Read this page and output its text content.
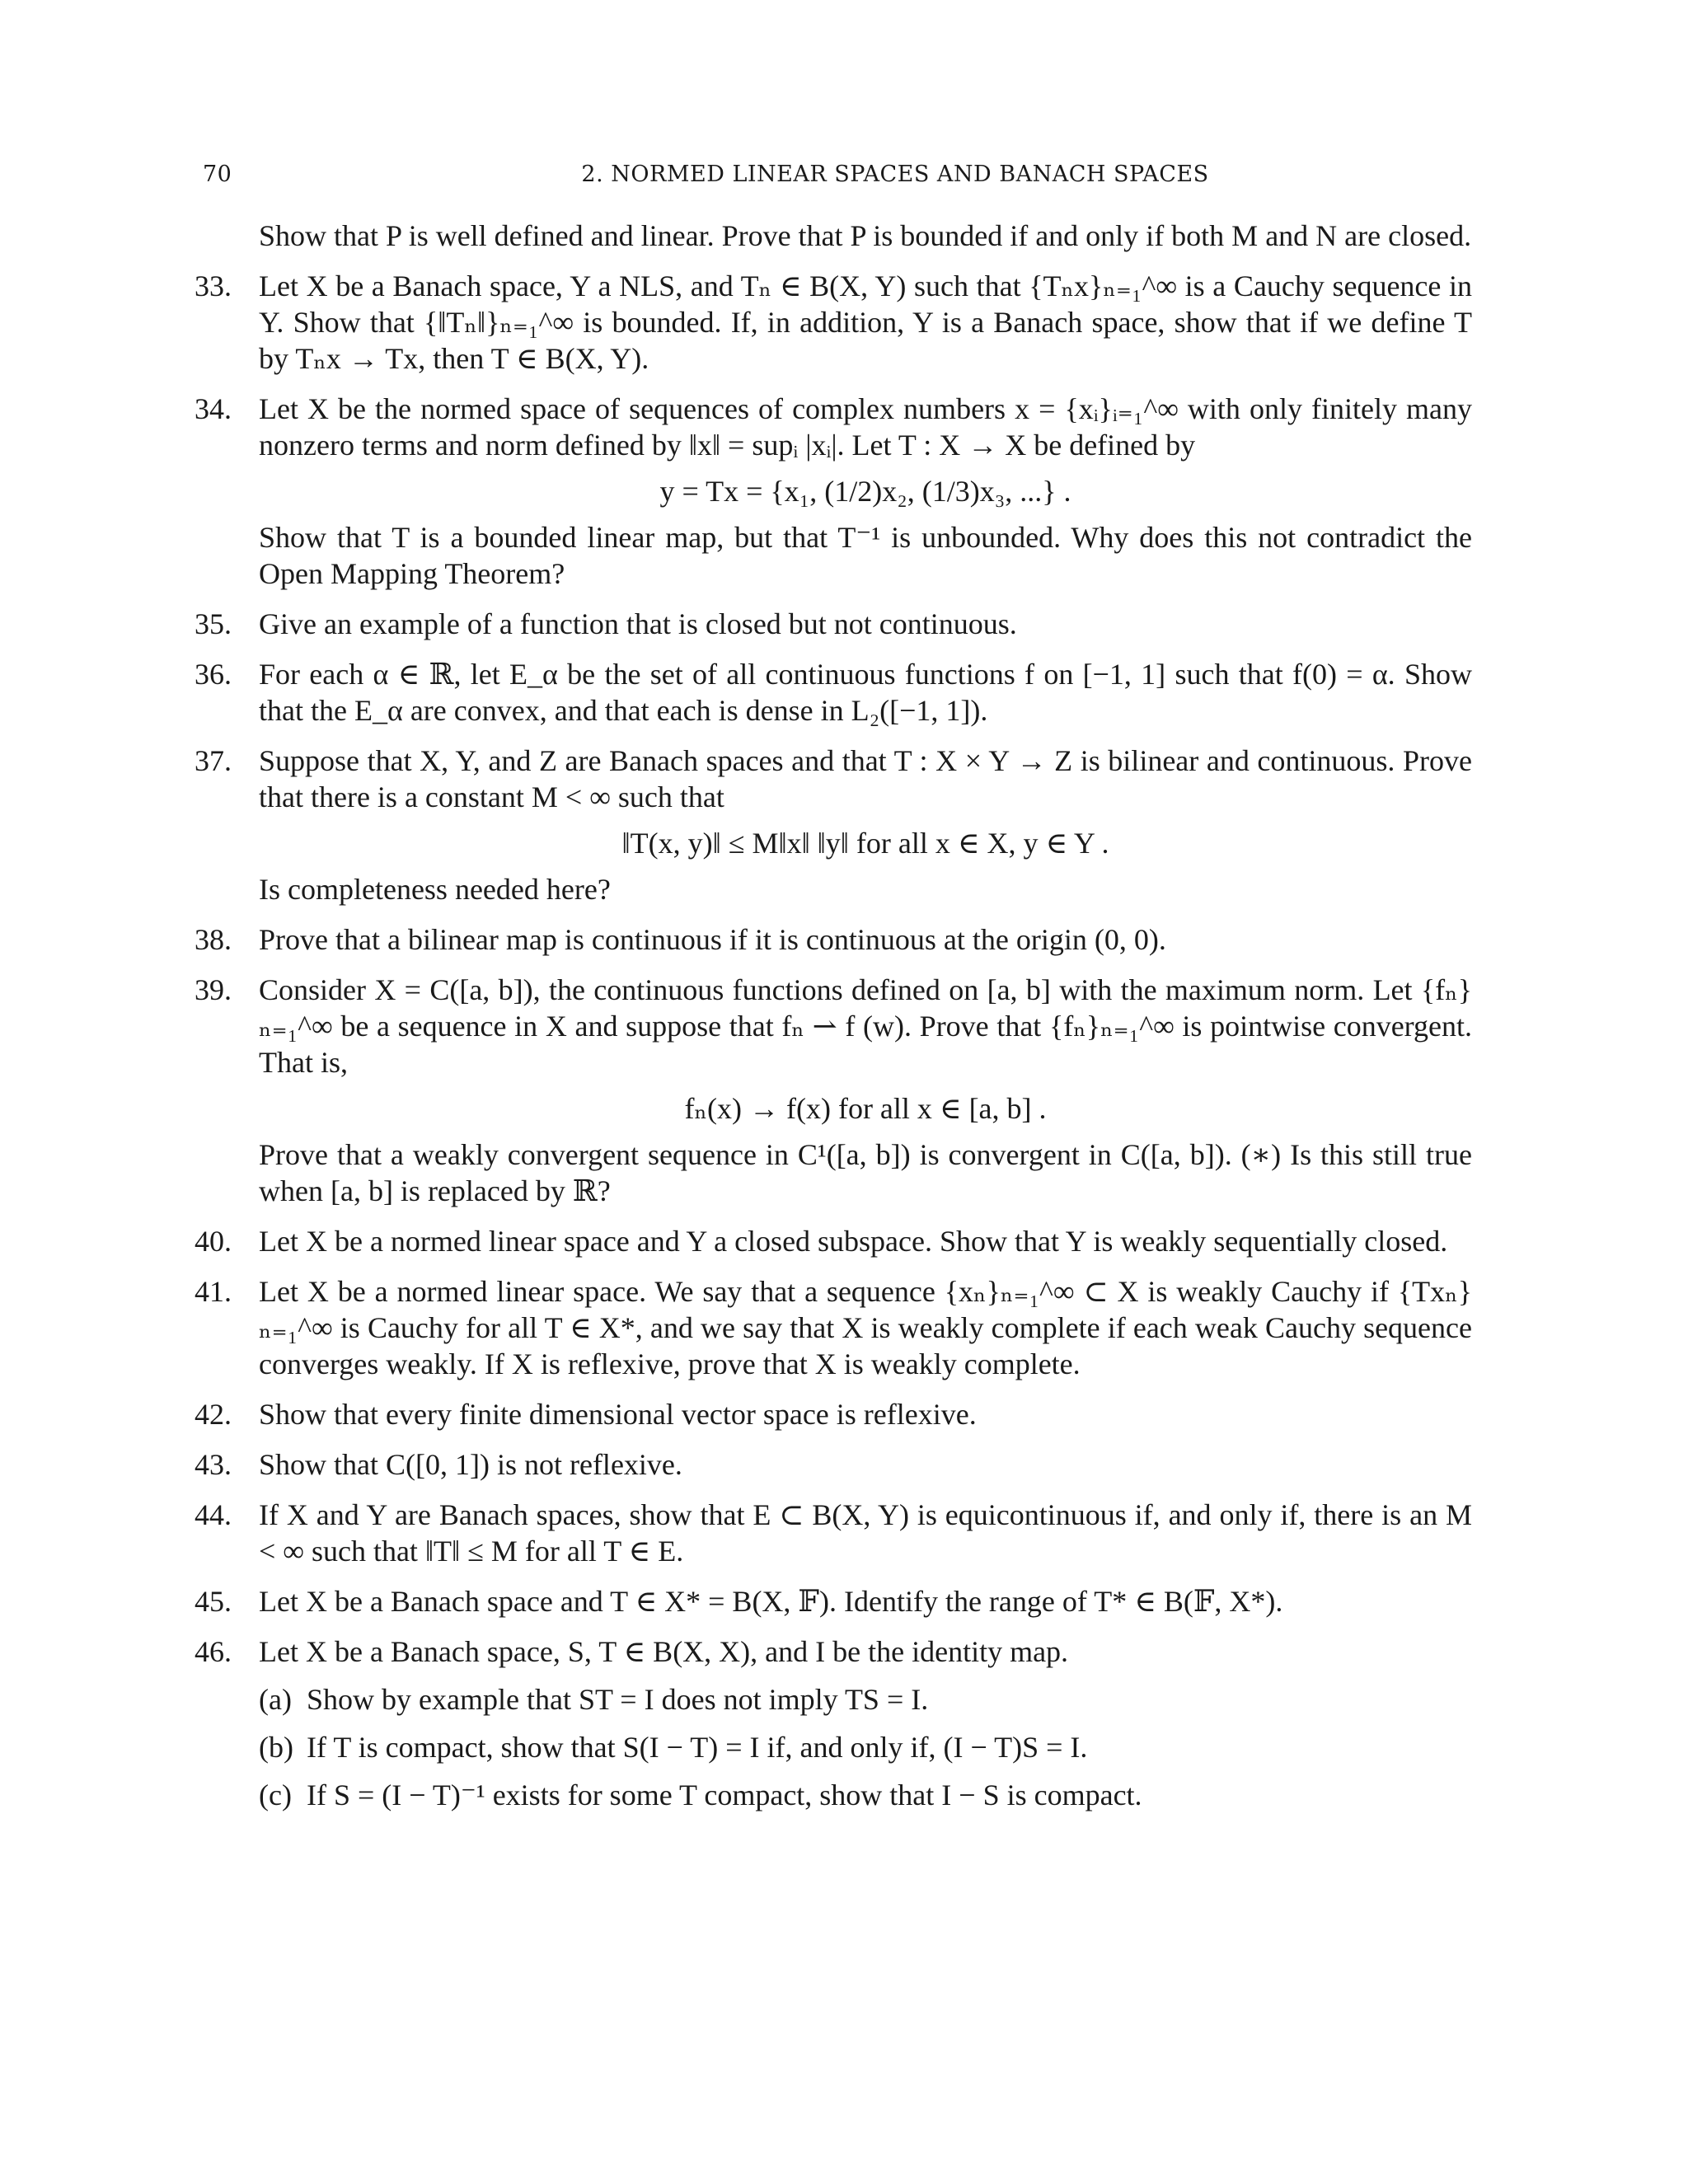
70	2. NORMED LINEAR SPACES AND BANACH SPACES
Show that P is well defined and linear. Prove that P is bounded if and only if both M and N are closed.
33. Let X be a Banach space, Y a NLS, and Tₙ ∈ B(X, Y) such that {Tₙx}ₙ₌₁^∞ is a Cauchy sequence in Y. Show that {‖Tₙ‖}ₙ₌₁^∞ is bounded. If, in addition, Y is a Banach space, show that if we define T by Tₙx → Tx, then T ∈ B(X, Y).
34. Let X be the normed space of sequences of complex numbers x = {xᵢ}ᵢ₌₁^∞ with only finitely many nonzero terms and norm defined by ‖x‖ = supᵢ |xᵢ|. Let T : X → X be defined by
y = Tx = {x₁, (1/2)x₂, (1/3)x₃, ...} .
Show that T is a bounded linear map, but that T⁻¹ is unbounded. Why does this not contradict the Open Mapping Theorem?
35. Give an example of a function that is closed but not continuous.
36. For each α ∈ ℝ, let E_α be the set of all continuous functions f on [−1, 1] such that f(0) = α. Show that the E_α are convex, and that each is dense in L₂([−1, 1]).
37. Suppose that X, Y, and Z are Banach spaces and that T : X × Y → Z is bilinear and continuous. Prove that there is a constant M < ∞ such that
‖T(x, y)‖ ≤ M‖x‖ ‖y‖ for all x ∈ X, y ∈ Y .
Is completeness needed here?
38. Prove that a bilinear map is continuous if it is continuous at the origin (0, 0).
39. Consider X = C([a, b]), the continuous functions defined on [a, b] with the maximum norm. Let {fₙ}ₙ₌₁^∞ be a sequence in X and suppose that fₙ ⇀ f (w). Prove that {fₙ}ₙ₌₁^∞ is pointwise convergent. That is,
fₙ(x) → f(x) for all x ∈ [a, b] .
Prove that a weakly convergent sequence in C¹([a, b]) is convergent in C([a, b]). (∗) Is this still true when [a, b] is replaced by ℝ?
40. Let X be a normed linear space and Y a closed subspace. Show that Y is weakly sequentially closed.
41. Let X be a normed linear space. We say that a sequence {xₙ}ₙ₌₁^∞ ⊂ X is weakly Cauchy if {Txₙ}ₙ₌₁^∞ is Cauchy for all T ∈ X*, and we say that X is weakly complete if each weak Cauchy sequence converges weakly. If X is reflexive, prove that X is weakly complete.
42. Show that every finite dimensional vector space is reflexive.
43. Show that C([0, 1]) is not reflexive.
44. If X and Y are Banach spaces, show that E ⊂ B(X, Y) is equicontinuous if, and only if, there is an M < ∞ such that ‖T‖ ≤ M for all T ∈ E.
45. Let X be a Banach space and T ∈ X* = B(X, 𝔽). Identify the range of T* ∈ B(𝔽, X*).
46. Let X be a Banach space, S, T ∈ B(X, X), and I be the identity map.
(a) Show by example that ST = I does not imply TS = I.
(b) If T is compact, show that S(I − T) = I if, and only if, (I − T)S = I.
(c) If S = (I − T)⁻¹ exists for some T compact, show that I − S is compact.
